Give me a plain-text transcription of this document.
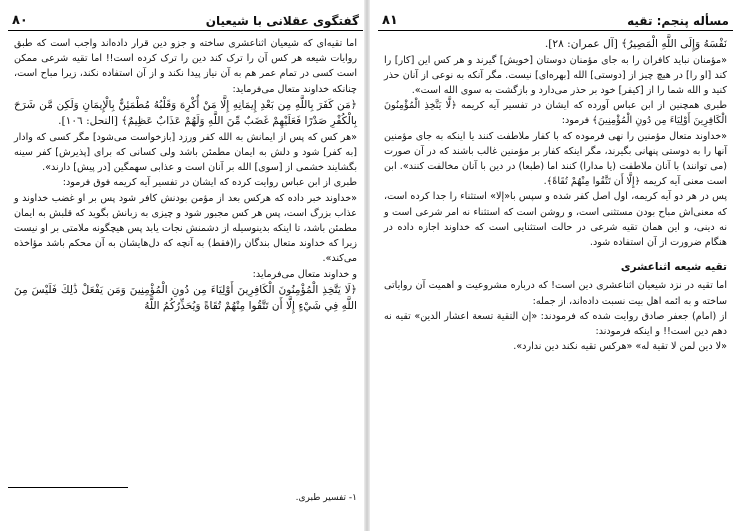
گفتگوی عقلانی با شیعیان
۸۰

اما تقیه‌ای که شیعیان اثناعشری ساخته و جزو دین قرار داده‌اند واجب است که طبق روایات شیعه هر کس آن را ترک کند دین را ترک کرده است!! اما تقیه شرعی ممکن است کسی در تمام عمر هم به آن نیاز پیدا نکند و از آن استفاده نکند، زیرا مباح است، چنانکه خداوند متعال می‌فرماید:

﴿مَن كَفَرَ بِاللَّهِ مِن بَعْدِ إِيمَانِهِ إِلَّا مَنْ أُكْرِهَ وَقَلْبُهُ مُطْمَئِنٌّ بِالْإِيمَانِ وَلَكِن مَّن شَرَحَ بِالْكُفْرِ صَدْرًا فَعَلَيْهِمْ غَضَبٌ مِّنَ اللَّهِ وَلَهُمْ عَذَابٌ عَظِيمٌ﴾ [النحل: ١٠٦].

«هر کس که پس از ایمانش به الله کفر ورزد [بازخواست می‌شود] مگر کسی که وادار [به کفر] شود و دلش به ایمان مطمئن باشد ولی کسانی که برای [پذیرش] کفر سینه بگشایند خشمی از [سوی] الله بر آنان است و عذابی سهمگین [در پیش] دارند».

طبری از ابن عباس روایت کرده که ایشان در تفسیر آیه کریمه فوق فرمود:

«خداوند خبر داده که هرکس بعد از مؤمن بودنش کافر شود پس بر او غضب خداوند و عذاب بزرگ است، پس هر کس مجبور شود و چیزی به زبانش بگوید که قلبش به ایمان مطمئن باشد، تا اینکه بدینوسیله از دشمنش نجات یابد پس هیچگونه ملامتی بر او نیست زیرا که خداوند متعال بندگان را(فقط) به آنچه که دل‌هایشان به آن محکم باشد مؤاخذه می‌کند».

و خداوند متعال می‌فرماید:

﴿لَا يَتَّخِذِ الْمُؤْمِنُونَ الْكَافِرِينَ أَوْلِيَاءَ مِن دُونِ الْمُؤْمِنِينَ وَمَن يَفْعَلْ ذَٰلِكَ فَلَيْسَ مِنَ اللَّهِ فِي شَيْءٍ إِلَّا أَن تَتَّقُوا مِنْهُمْ تُقَاةً وَيُحَذِّرُكُمُ اللَّهُ

١- تفسیر طبری.
مسأله پنجم: تقیه
۸۱

نَفْسَهُ وَإِلَى اللَّهِ الْمَصِيرُ﴾ [آل عمران: ٢٨].

«مؤمنان نباید کافران را به جای مؤمنان دوستان [خویش] گیرند و هر کس این [کار] را کند [او را] در هیچ چیز از [دوستی] الله [بهره‌ای] نیست. مگر آنکه به نوعی از آنان حذر کنید و الله شما را از [کیفر] خود بر حذر می‌دارد و بازگشت به سوی الله است».

طبری همچنین از ابن عباس آورده که ایشان در تفسیر آیه کریمه ﴿لَّا يَتَّخِذِ الْمُؤْمِنُونَ الْكَافِرِينَ أَوْلِيَاءَ مِن دُونِ الْمُؤْمِنِينَ﴾ فرمود:

«خداوند متعال مؤمنین را نهی فرموده که با کفار ملاطفت کنند یا اینکه به جای مؤمنین آنها را به دوستی پنهانی بگیرند، مگر اینکه کفار بر مؤمنین غالب باشند که در آن صورت (می توانند) با آنان ملاطفت (یا مدارا) کنند اما (طبعا) در دین با آنان مخالفت کنند». ابن است معنی آیه کریمه ﴿إِلَّا أَن تَتَّقُوا مِنْهُمْ تُقَاةً﴾.

پس در هر دو آیه کریمه، اول اصل کفر شده و سپس با«إلا» استثناء را جدا کرده است، که معنی‌اش مباح بودن مستثنی است، و روشن است که استثناء نه امر شرعی است و نه دینی، و این همان تقیه شرعی در حالت استثنایی است که خداوند اجازه داده در هنگام ضرورت از آن استفاده شود.

تقیه شیعه اثناعشری

اما تقیه در نزد شیعیان اثناعشری دین است! که درباره مشروعیت و اهمیت آن روایاتی ساخته و به ائمه اهل بیت نسبت داده‌اند، از جمله:

از (امام) جعفر صادق روایت شده که فرمودند: «إن التقية تسعة اعشار الدين» تقیه نه دهم دین است!! و اینکه فرمودند:

«لا دين لمن لا تقية له» «هرکس تقیه نکند دین ندارد».
